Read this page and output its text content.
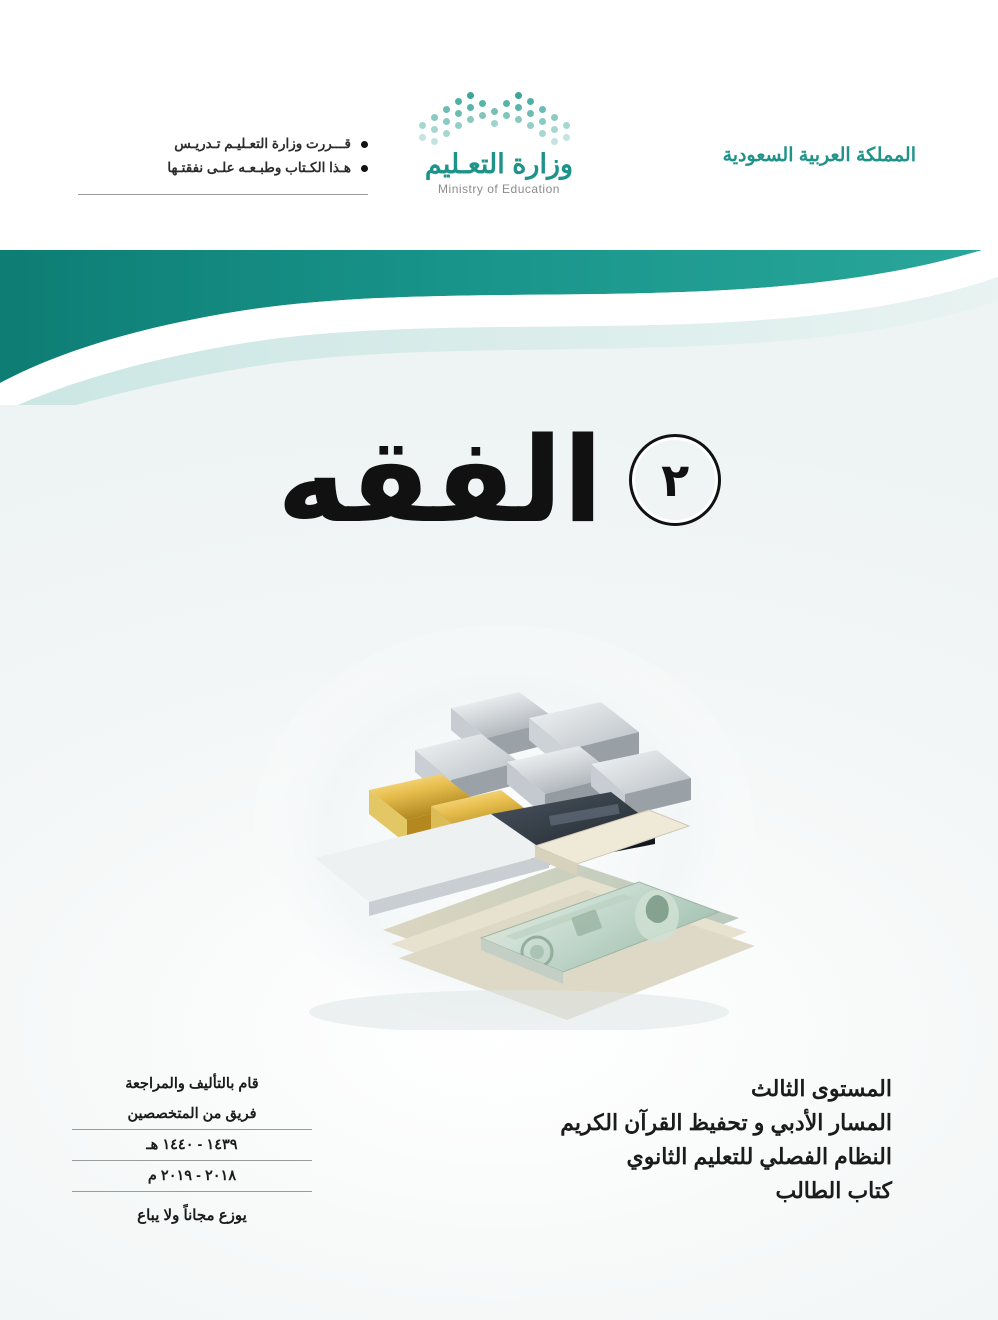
المملكة العربية السعودية
وزارة التعـليم
Ministry of Education
قـــررت وزارة التعـليـم تـدريـس
هـذا الكـتاب وطبـعـه علـى نفقتـها
٢
الفقه
المستوى الثالث
المسار الأدبي و تحفيظ القرآن الكريم
النظام الفصلي للتعليم الثانوي
كتاب الطالب
قام بالتأليف والمراجعة
فريق من المتخصصين
١٤٣٩ - ١٤٤٠ هـ
٢٠١٨ - ٢٠١٩ م
يوزع مجاناً ولا يباع
